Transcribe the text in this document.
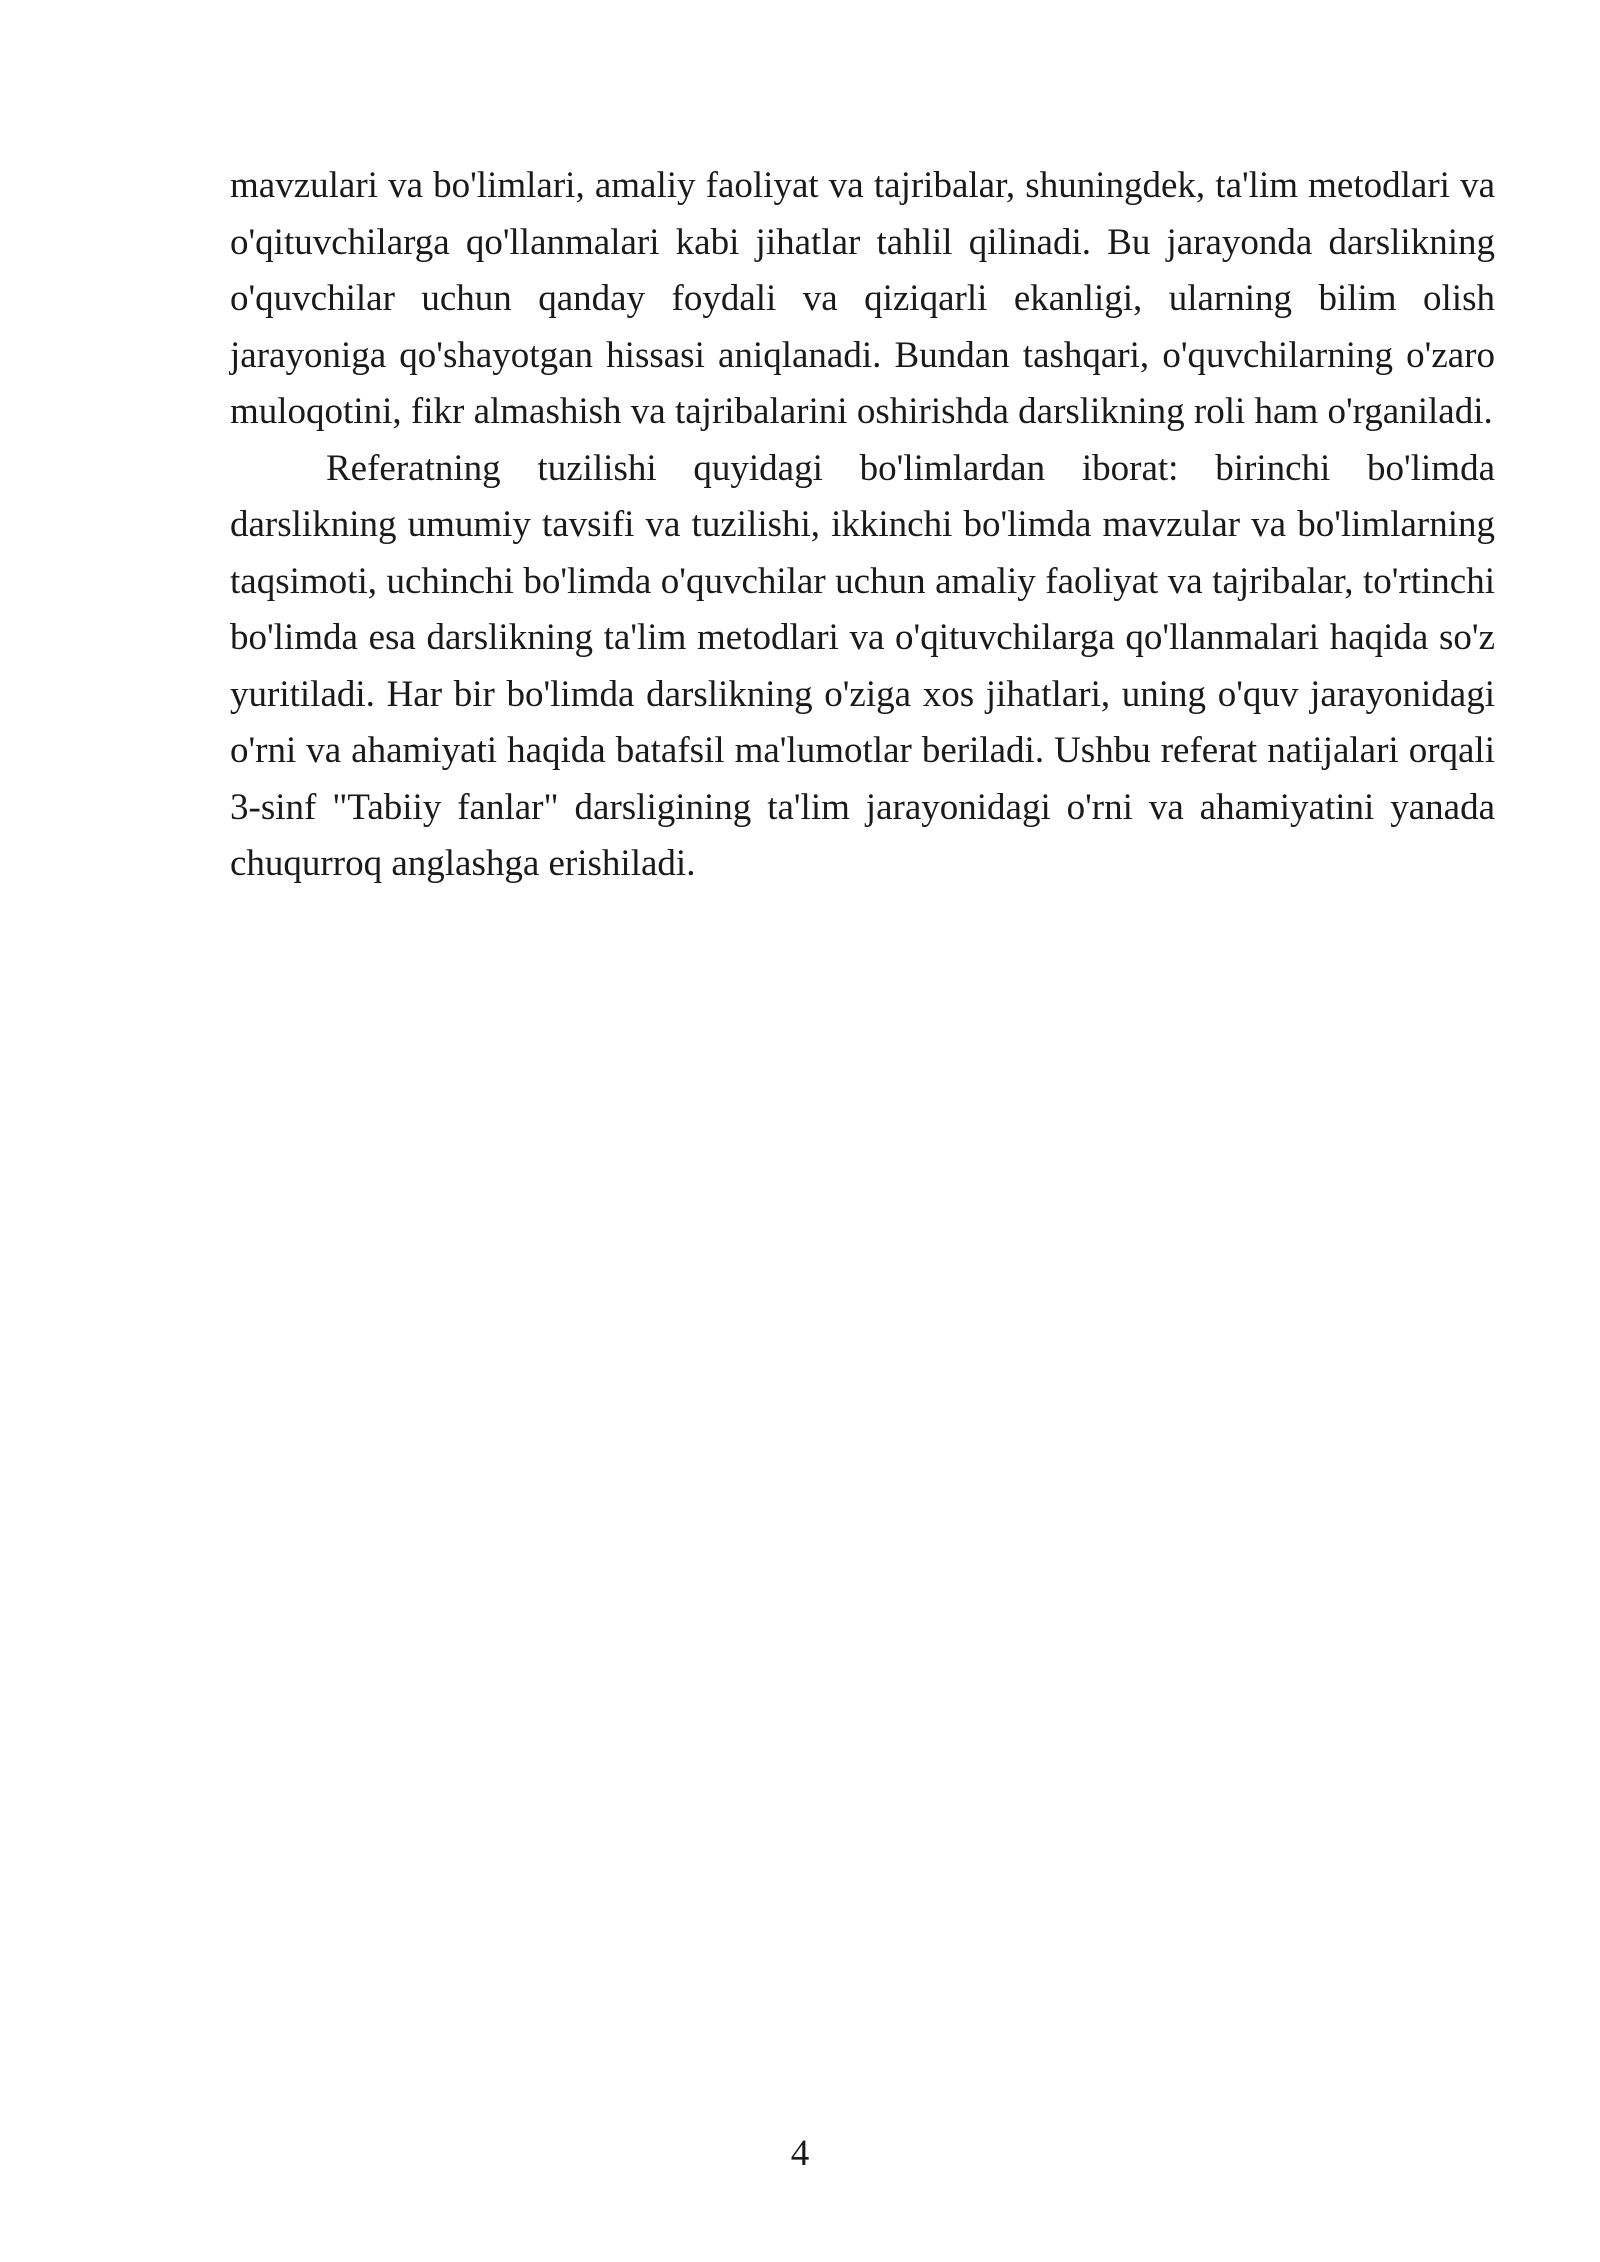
mavzulari va bo'limlari, amaliy faoliyat va tajribalar, shuningdek, ta'lim metodlari va o'qituvchilarga qo'llanmalari kabi jihatlar tahlil qilinadi. Bu jarayonda darslikning o'quvchilar uchun qanday foydali va qiziqarli ekanligi, ularning bilim olish jarayoniga qo'shayotgan hissasi aniqlanadi. Bundan tashqari, o'quvchilarning o'zaro muloqotini, fikr almashish va tajribalarini oshirishda darslikning roli ham o'rganiladi.

Referatning tuzilishi quyidagi bo'limlardan iborat: birinchi bo'limda darslikning umumiy tavsifi va tuzilishi, ikkinchi bo'limda mavzular va bo'limlarning taqsimoti, uchinchi bo'limda o'quvchilar uchun amaliy faoliyat va tajribalar, to'rtinchi bo'limda esa darslikning ta'lim metodlari va o'qituvchilarga qo'llanmalari haqida so'z yuritiladi. Har bir bo'limda darslikning o'ziga xos jihatlari, uning o'quv jarayonidagi o'rni va ahamiyati haqida batafsil ma'lumotlar beriladi. Ushbu referat natijalari orqali 3-sinf "Tabiiy fanlar" darsligining ta'lim jarayonidagi o'rni va ahamiyatini yanada chuqurroq anglashga erishiladi.

4
